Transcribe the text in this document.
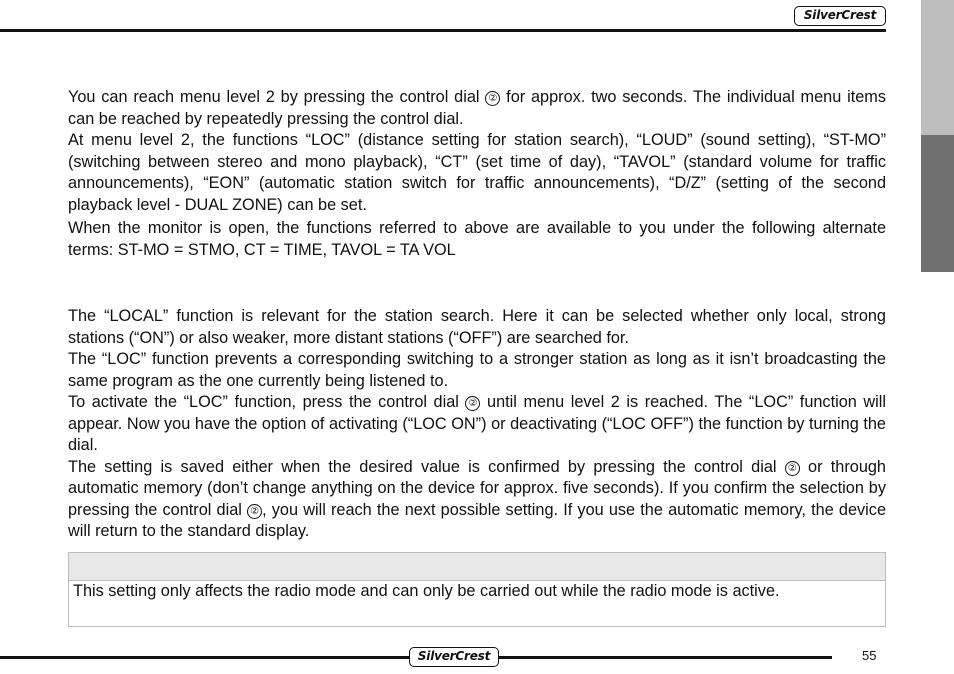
SilverCrest

You can reach menu level 2 by pressing the control dial ② for approx. two seconds. The individual menu items can be reached by repeatedly pressing the control dial.

At menu level 2, the functions “LOC” (distance setting for station search), “LOUD” (sound setting), “ST-MO” (switching between stereo and mono playback), “CT” (set time of day), “TAVOL” (standard volume for traffic announcements), “EON” (automatic station switch for traffic announcements), “D/Z” (setting of the second playback level - DUAL ZONE) can be set.

When the monitor is open, the functions referred to above are available to you under the following alternate terms: ST-MO = STMO, CT = TIME, TAVOL = TA VOL

The “LOCAL” function is relevant for the station search. Here it can be selected whether only local, strong stations (“ON”) or also weaker, more distant stations (“OFF”) are searched for.

The “LOC” function prevents a corresponding switching to a stronger station as long as it isn’t broadcasting the same program as the one currently being listened to.

To activate the “LOC” function, press the control dial ② until menu level 2 is reached. The “LOC” function will appear. Now you have the option of activating (“LOC ON”) or deactivating (“LOC OFF”) the function by turning the dial.

The setting is saved either when the desired value is confirmed by pressing the control dial ② or through automatic memory (don’t change anything on the device for approx. five seconds). If you confirm the selection by pressing the control dial ② , you will reach the next possible setting. If you use the automatic memory, the device will return to the standard display.

This setting only affects the radio mode and can only be carried out while the radio mode is active.

SilverCrest	55
